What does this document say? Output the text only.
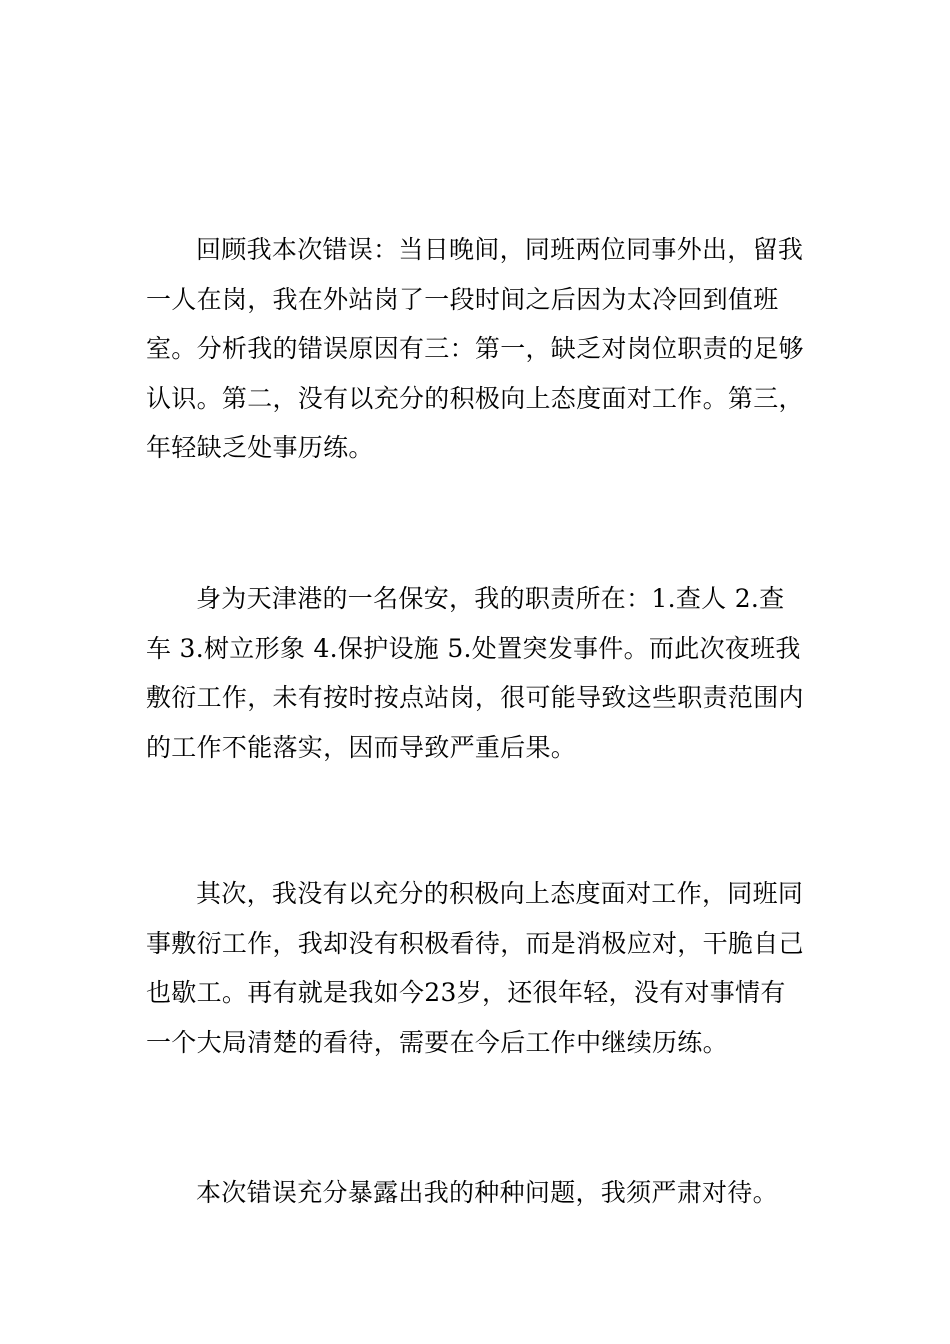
回顾我本次错误：当日晚间，同班两位同事外出，留我一人在岗，我在外站岗了一段时间之后因为太冷回到值班室。分析我的错误原因有三：第一，缺乏对岗位职责的足够认识。第二，没有以充分的积极向上态度面对工作。第三，年轻缺乏处事历练。

身为天津港的一名保安，我的职责所在：1.查人 2.查车 3.树立形象 4.保护设施 5.处置突发事件。而此次夜班我敷衍工作，未有按时按点站岗，很可能导致这些职责范围内的工作不能落实，因而导致严重后果。

其次，我没有以充分的积极向上态度面对工作，同班同事敷衍工作，我却没有积极看待，而是消极应对，干脆自己也歇工。再有就是我如今23岁，还很年轻，没有对事情有一个大局清楚的看待，需要在今后工作中继续历练。

本次错误充分暴露出我的种种问题，我须严肃对待。
